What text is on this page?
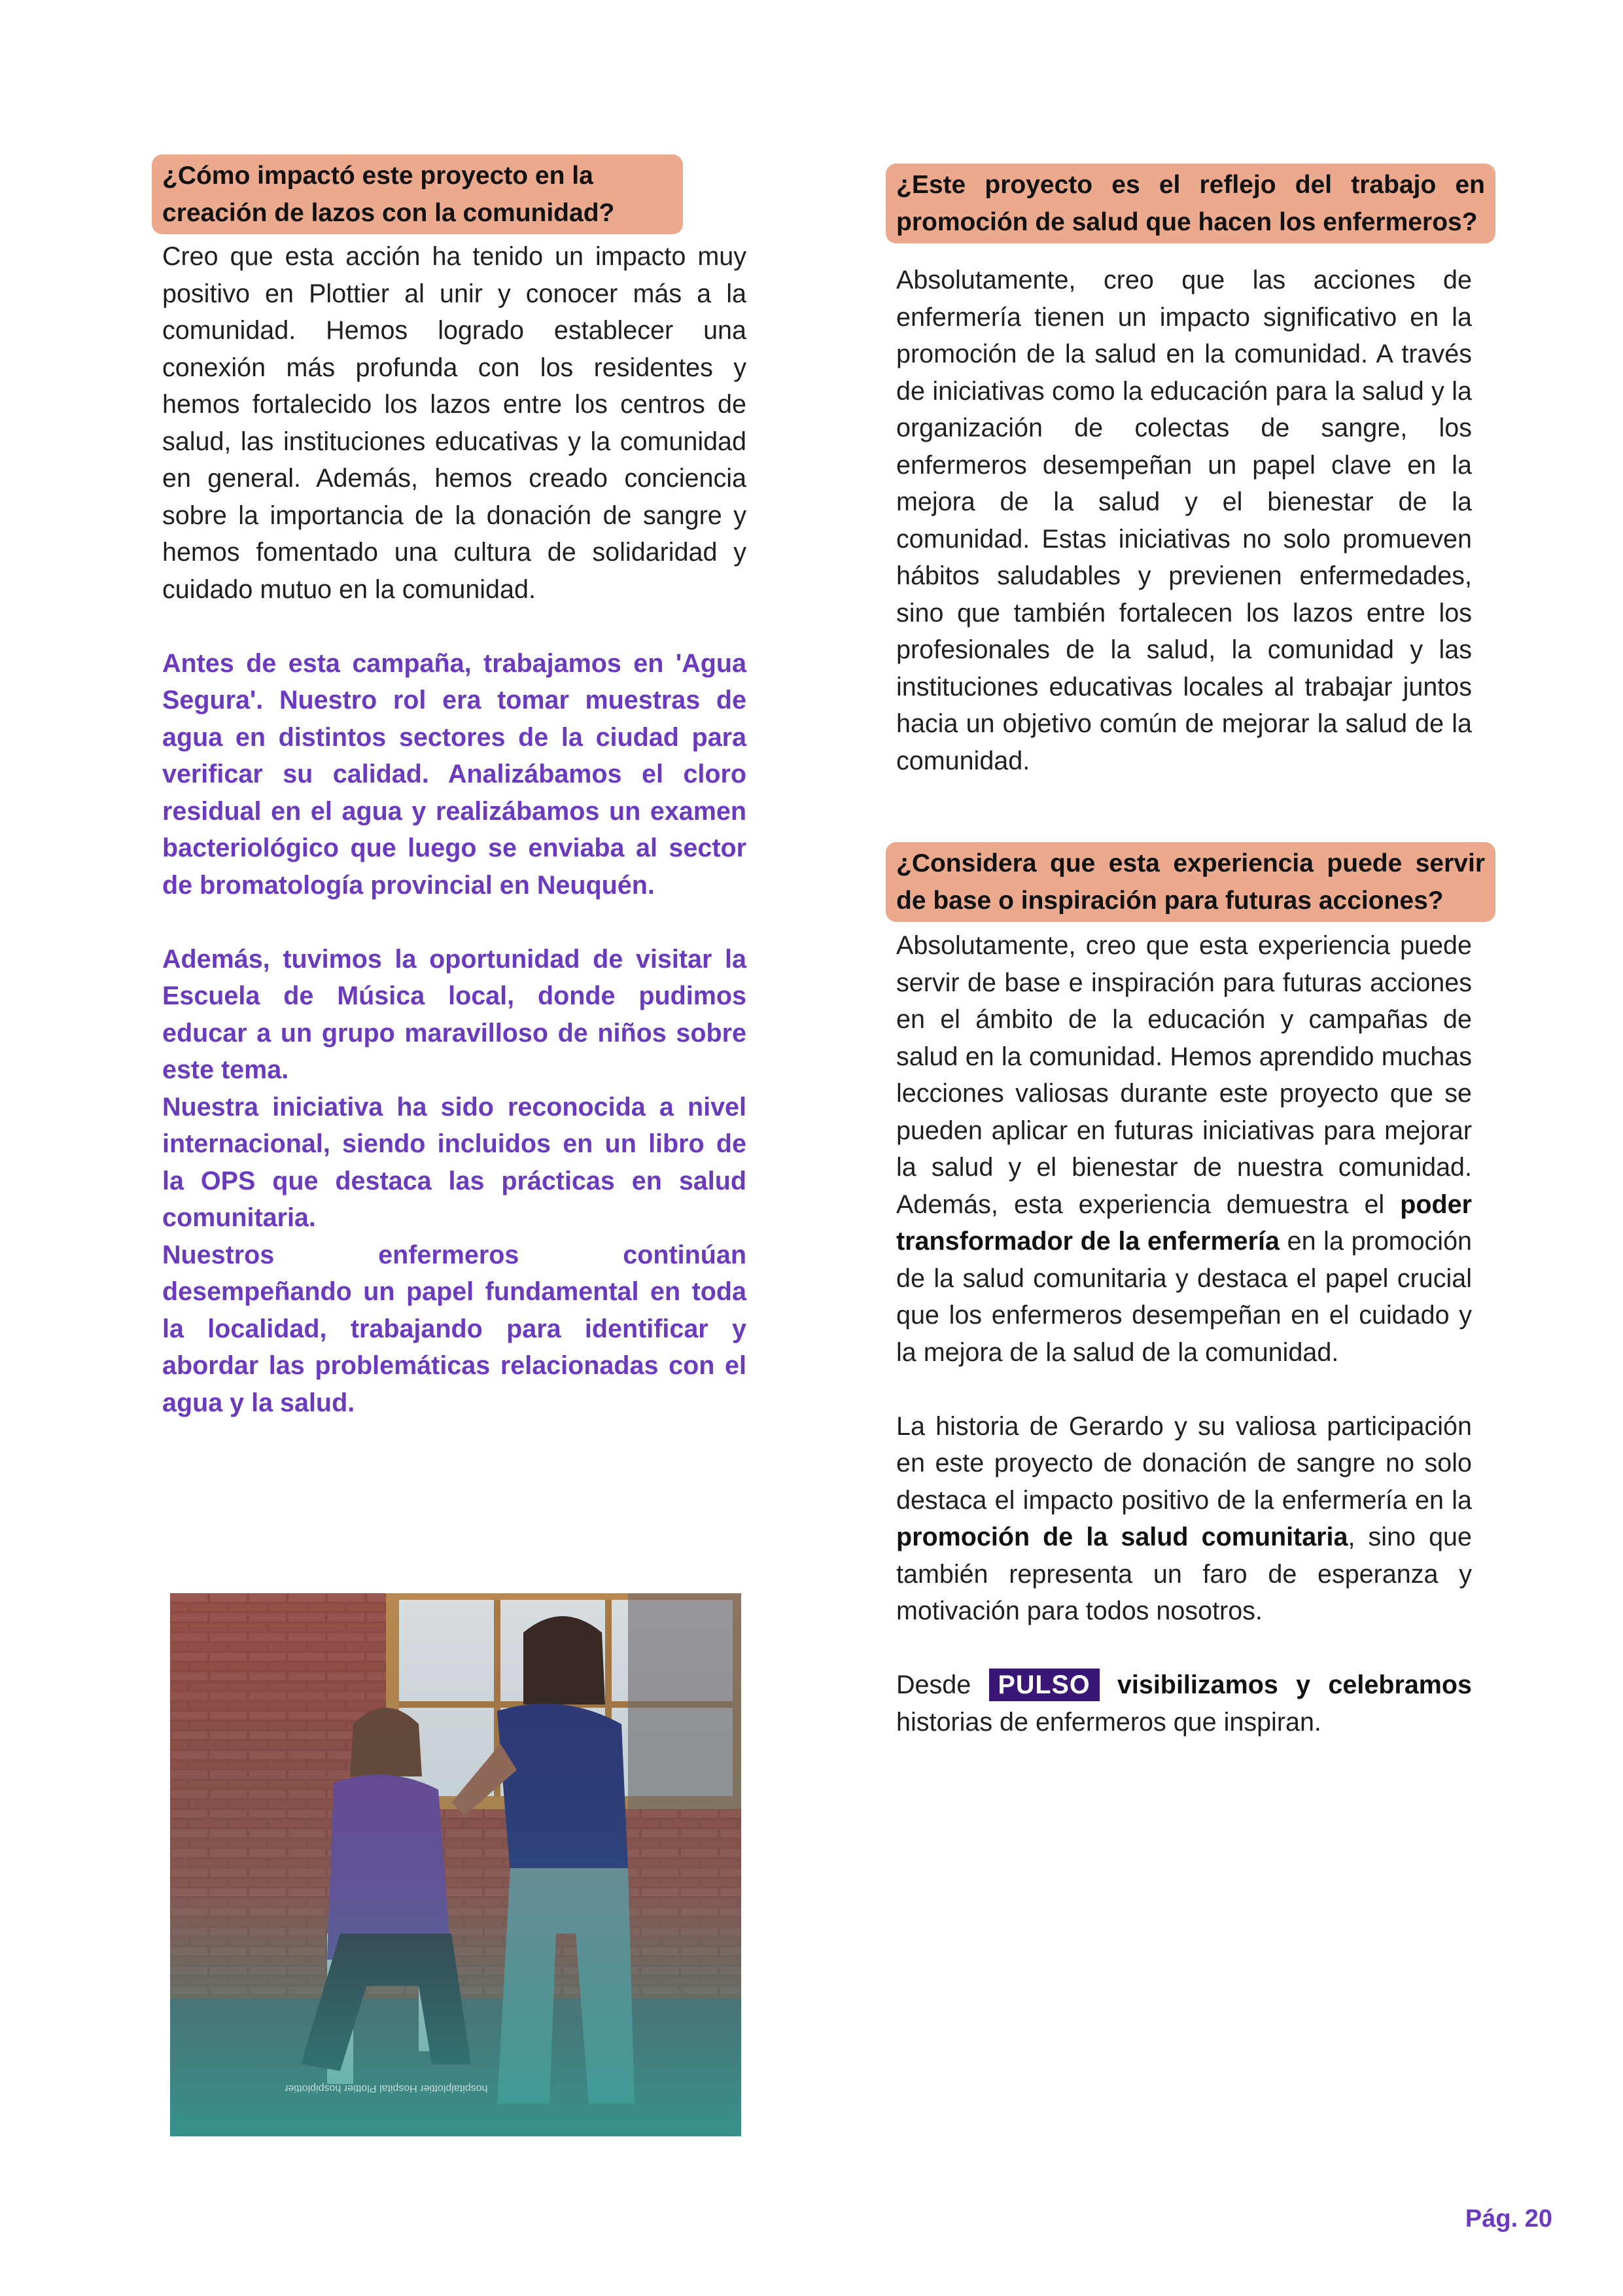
¿Cómo impactó este proyecto en la creación de lazos con la comunidad?

Creo que esta acción ha tenido un impacto muy positivo en Plottier al unir y conocer más a la comunidad. Hemos logrado establecer una conexión más profunda con los residentes y hemos fortalecido los lazos entre los centros de salud, las instituciones educativas y la comunidad en general. Además, hemos creado conciencia sobre la importancia de la donación de sangre y hemos fomentado una cultura de solidaridad y cuidado mutuo en la comunidad.

Antes de esta campaña, trabajamos en 'Agua Segura'. Nuestro rol era tomar muestras de agua en distintos sectores de la ciudad para verificar su calidad. Analizábamos el cloro residual en el agua y realizábamos un examen bacteriológico que luego se enviaba al sector de bromatología provincial en Neuquén.

Además, tuvimos la oportunidad de visitar la Escuela de Música local, donde pudimos educar a un grupo maravilloso de niños sobre este tema.

Nuestra iniciativa ha sido reconocida a nivel internacional, siendo incluidos en un libro de la OPS que destaca las prácticas en salud comunitaria.

Nuestros enfermeros continúan desempeñando un papel fundamental en toda la localidad, trabajando para identificar y abordar las problemáticas relacionadas con el agua y la salud.

hospitalplottier Hospital Plottier hospiplottier
¿Este proyecto es el reflejo del trabajo en promoción de salud que hacen los enfermeros?

Absolutamente, creo que las acciones de enfermería tienen un impacto significativo en la promoción de la salud en la comunidad. A través de iniciativas como la educación para la salud y la organización de colectas de sangre, los enfermeros desempeñan un papel clave en la mejora de la salud y el bienestar de la comunidad. Estas iniciativas no solo promueven hábitos saludables y previenen enfermedades, sino que también fortalecen los lazos entre los profesionales de la salud, la comunidad y las instituciones educativas locales al trabajar juntos hacia un objetivo común de mejorar la salud de la comunidad.

¿Considera que esta experiencia puede servir de base o inspiración para futuras acciones?

Absolutamente, creo que esta experiencia puede servir de base e inspiración para futuras acciones en el ámbito de la educación y campañas de salud en la comunidad. Hemos aprendido muchas lecciones valiosas durante este proyecto que se pueden aplicar en futuras iniciativas para mejorar la salud y el bienestar de nuestra comunidad. Además, esta experiencia demuestra el poder transformador de la enfermería en la promoción de la salud comunitaria y destaca el papel crucial que los enfermeros desempeñan en el cuidado y la mejora de la salud de la comunidad.

La historia de Gerardo y su valiosa participación en este proyecto de donación de sangre no solo destaca el impacto positivo de la enfermería en la promoción de la salud comunitaria, sino que también representa un faro de esperanza y motivación para todos nosotros.

Desde PULSO visibilizamos y celebramos historias de enfermeros que inspiran.

Pág. 20
